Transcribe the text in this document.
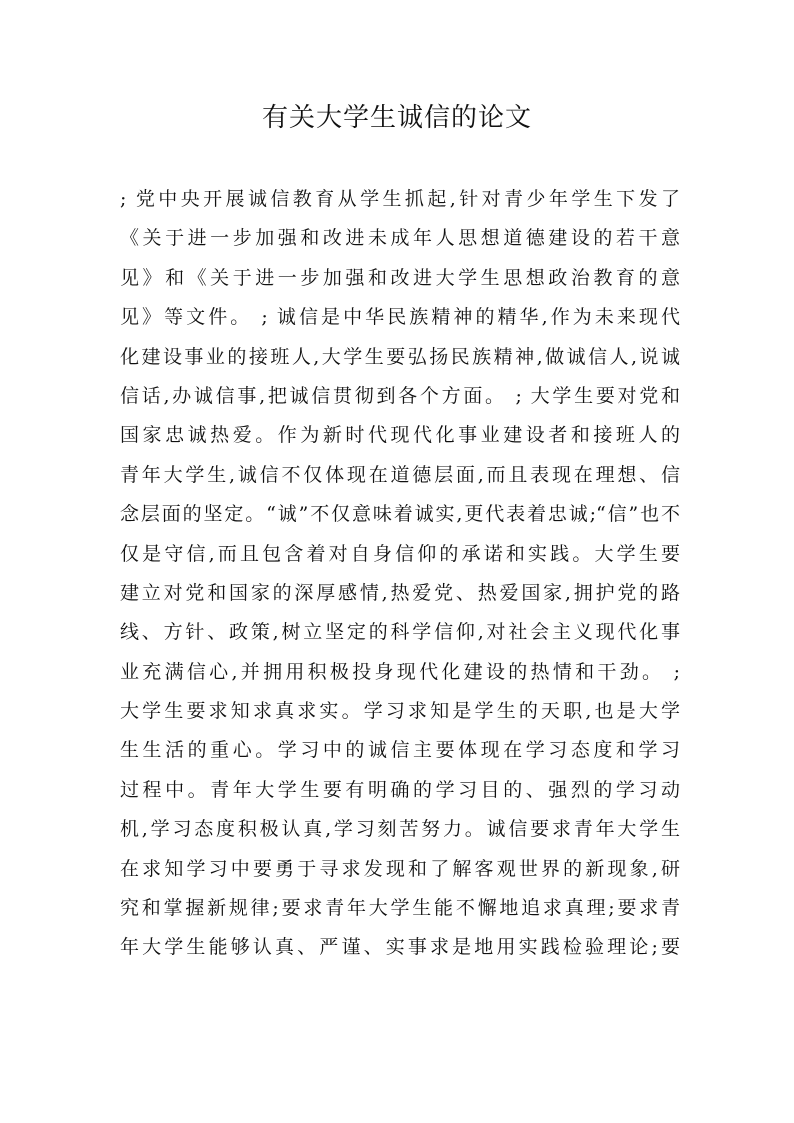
有关大学生诚信的论文
; 党中央开展诚信教育从学生抓起,针对青少年学生下发了
《关于进一步加强和改进未成年人思想道德建设的若干意
见》和《关于进一步加强和改进大学生思想政治教育的意
见》等文件。 ; 诚信是中华民族精神的精华,作为未来现代
化建设事业的接班人,大学生要弘扬民族精神,做诚信人,说诚
信话,办诚信事,把诚信贯彻到各个方面。 ; 大学生要对党和
国家忠诚热爱。作为新时代现代化事业建设者和接班人的
青年大学生,诚信不仅体现在道德层面,而且表现在理想、信
念层面的坚定。“诚”不仅意味着诚实,更代表着忠诚;“信”也不
仅是守信,而且包含着对自身信仰的承诺和实践。大学生要
建立对党和国家的深厚感情,热爱党、热爱国家,拥护党的路
线、方针、政策,树立坚定的科学信仰,对社会主义现代化事
业充满信心,并拥用积极投身现代化建设的热情和干劲。 ;
大学生要求知求真求实。学习求知是学生的天职,也是大学
生生活的重心。学习中的诚信主要体现在学习态度和学习
过程中。青年大学生要有明确的学习目的、强烈的学习动
机,学习态度积极认真,学习刻苦努力。诚信要求青年大学生
在求知学习中要勇于寻求发现和了解客观世界的新现象,研
究和掌握新规律;要求青年大学生能不懈地追求真理;要求青
年大学生能够认真、严谨、实事求是地用实践检验理论;要
